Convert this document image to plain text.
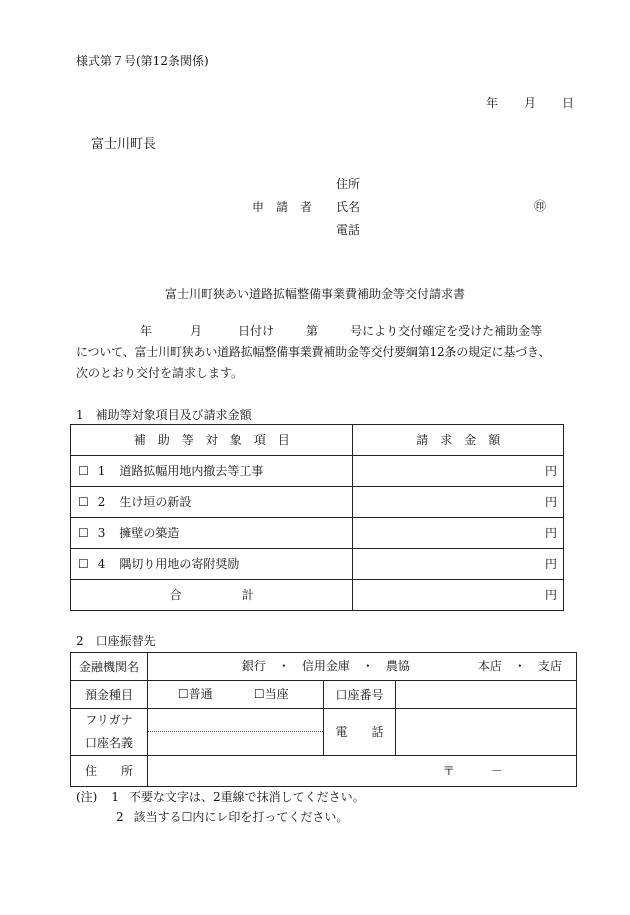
様式第７号(第12条関係)
年 月 日
富士川町長
住所
申　請　者 氏名	㊞
電話
富士川町狭あい道路拡幅整備事業費補助金等交付請求書
年	月	日付け	第	号により交付確定を受けた補助金等
について、富士川町狭あい道路拡幅整備事業費補助金等交付要綱第12条の規定に基づき、
次のとおり交付を請求します。
1　補助等対象項目及び請求金額
補　助　等　対　象　項　目	請　求　金　額
☐ 1 道路拡幅用地内撤去等工事	円
☐ 2 生け垣の新設	円
☐ 3 擁壁の築造	円
☐ 4 隅切り用地の寄附奨励	円
合　　　　　計	円
2　口座振替先
金融機関名	銀行　・　信用金庫　・　農協 本店　・　支店		

預金種目	☐普通 ☐当座	口座番号	

フリガナ
口座名義		電　　話	
住　　所	〒　　　－		
(注) 1 不要な文字は、2重線で抹消してください。
2 該当する☐内にレ印を打ってください。
